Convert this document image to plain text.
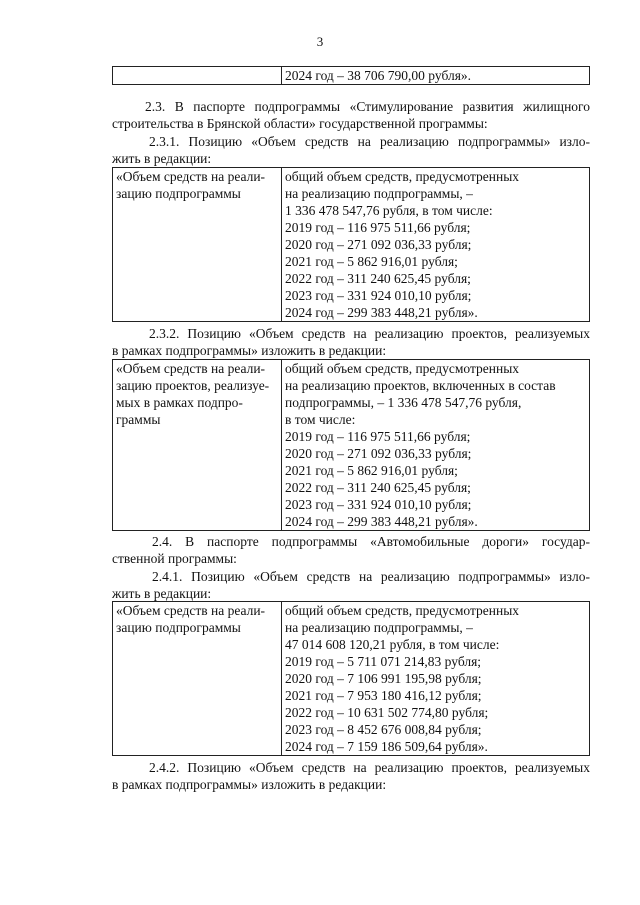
3

2024 год – 38 706 790,00 рубля».
2.3. В паспорте подпрограммы «Стимулирование развития жилищного
строительства в Брянской области» государственной программы:
2.3.1. Позицию «Объем средств на реализацию подпрограммы» изло-
жить в редакции:
«Объем средств на реали-
зацию подпрограммы

общий объем средств, предусмотренных
на реализацию подпрограммы, –
1 336 478 547,76 рубля, в том числе:
2019 год – 116 975 511,66 рубля;
2020 год – 271 092 036,33 рубля;
2021 год – 5 862 916,01 рубля;
2022 год – 311 240 625,45 рубля;
2023 год – 331 924 010,10 рубля;
2024 год – 299 383 448,21 рубля».
2.3.2. Позицию «Объем средств на реализацию проектов, реализуемых
в рамках подпрограммы» изложить в редакции:
«Объем средств на реали-
зацию проектов, реализуе-
мых в рамках подпро-
граммы

общий объем средств, предусмотренных
на реализацию проектов, включенных в состав
подпрограммы, – 1 336 478 547,76 рубля,
в том числе:
2019 год – 116 975 511,66 рубля;
2020 год – 271 092 036,33 рубля;
2021 год – 5 862 916,01 рубля;
2022 год – 311 240 625,45 рубля;
2023 год – 331 924 010,10 рубля;
2024 год – 299 383 448,21 рубля».
2.4. В паспорте подпрограммы «Автомобильные дороги» государ-
ственной программы:
2.4.1. Позицию «Объем средств на реализацию подпрограммы» изло-
жить в редакции:
«Объем средств на реали-
зацию подпрограммы

общий объем средств, предусмотренных
на реализацию подпрограммы, –
47 014 608 120,21 рубля, в том числе:
2019 год – 5 711 071 214,83 рубля;
2020 год – 7 106 991 195,98 рубля;
2021 год – 7 953 180 416,12 рубля;
2022 год – 10 631 502 774,80 рубля;
2023 год – 8 452 676 008,84 рубля;
2024 год – 7 159 186 509,64 рубля».
2.4.2. Позицию «Объем средств на реализацию проектов, реализуемых
в рамках подпрограммы» изложить в редакции:
